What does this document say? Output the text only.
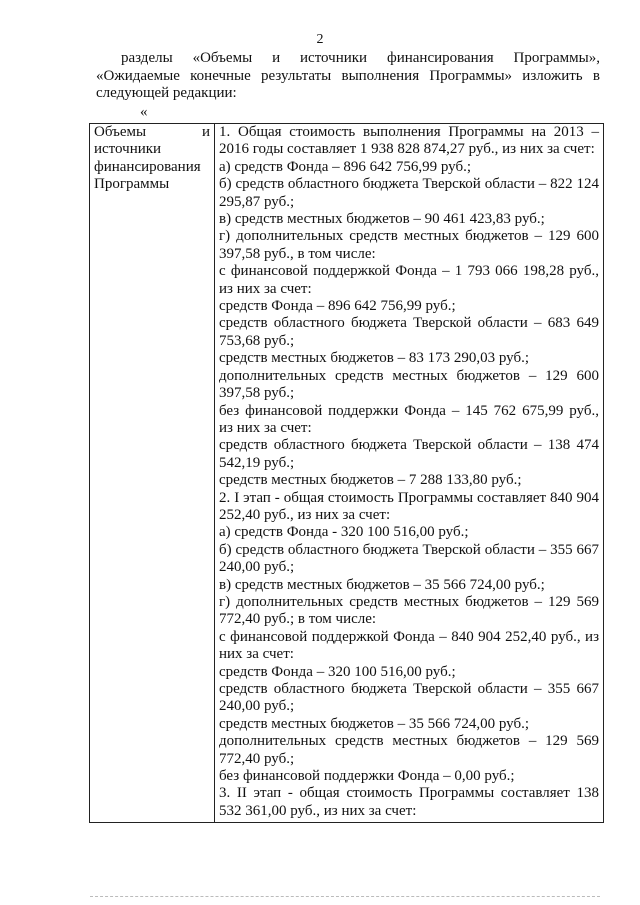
2

разделы «Объемы и источники финансирования Программы»,

«Ожидаемые конечные результаты выполнения Программы» изложить в следующей редакции:

«
Объемы и
источники
финансирования
Программы

1. Общая стоимость выполнения Программы на 2013 – 2016 годы составляет 1 938 828 874,27 руб., из них за счет:
а) средств Фонда – 896 642 756,99 руб.;
б) средств областного бюджета Тверской области – 822 124 295,87 руб.;
в) средств местных бюджетов – 90 461 423,83 руб.;
г) дополнительных средств местных бюджетов – 129 600 397,58 руб., в том числе:
с финансовой поддержкой Фонда – 1 793 066 198,28 руб., из них за счет:
средств Фонда – 896 642 756,99 руб.;
средств областного бюджета Тверской области – 683 649 753,68 руб.;
средств местных бюджетов – 83 173 290,03 руб.;
дополнительных средств местных бюджетов – 129 600 397,58 руб.;
без финансовой поддержки Фонда – 145 762 675,99 руб., из них за счет:
средств областного бюджета Тверской области – 138 474 542,19 руб.;
средств местных бюджетов – 7 288 133,80 руб.;
2. I этап - общая стоимость Программы составляет 840 904 252,40 руб., из них за счет:
а) средств Фонда - 320 100 516,00 руб.;
б) средств областного бюджета Тверской области – 355 667 240,00 руб.;
в) средств местных бюджетов – 35 566 724,00 руб.;
г) дополнительных средств местных бюджетов – 129 569 772,40 руб.; в том числе:
с финансовой поддержкой Фонда – 840 904 252,40 руб., из них за счет:
средств Фонда – 320 100 516,00 руб.;
средств областного бюджета Тверской области – 355 667 240,00 руб.;
средств местных бюджетов – 35 566 724,00 руб.;
дополнительных средств местных бюджетов – 129 569 772,40 руб.;
без финансовой поддержки Фонда – 0,00 руб.;
3. II этап - общая стоимость Программы составляет 138 532 361,00 руб., из них за счет:
